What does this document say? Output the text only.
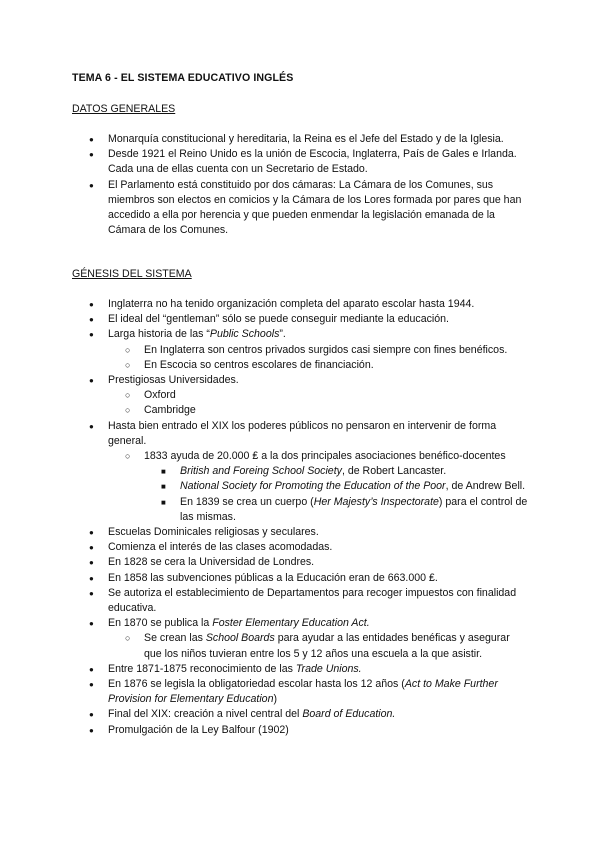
TEMA 6 - EL SISTEMA EDUCATIVO INGLÉS
DATOS GENERALES
● Monarquía constitucional y hereditaria, la Reina es el Jefe del Estado y de la Iglesia.
● Desde 1921 el Reino Unido es la unión de Escocia, Inglaterra, País de Gales e Irlanda. Cada una de ellas cuenta con un Secretario de Estado.
● El Parlamento está constituido por dos cámaras: La Cámara de los Comunes, sus miembros son electos en comicios y la Cámara de los Lores formada por pares que han accedido a ella por herencia y que pueden enmendar la legislación emanada de la Cámara de los Comunes.
GÉNESIS DEL SISTEMA
● Inglaterra no ha tenido organización completa del aparato escolar hasta 1944.
● El ideal del “gentleman” sólo se puede conseguir mediante la educación.
● Larga historia de las “Public Schools”.
○ En Inglaterra son centros privados surgidos casi siempre con fines benéficos.
○ En Escocia so centros escolares de financiación.
● Prestigiosas Universidades.
○ Oxford
○ Cambridge
● Hasta bien entrado el XIX los poderes públicos no pensaron en intervenir de forma general.
○ 1833 ayuda de 20.000 ₤ a la dos principales asociaciones benéfico-docentes
■ British and Foreing School Society, de Robert Lancaster.
■ National Society for Promoting the Education of the Poor, de Andrew Bell.
■ En 1839 se crea un cuerpo (Her Majesty’s Inspectorate) para el control de las mismas.
● Escuelas Dominicales religiosas y seculares.
● Comienza el interés de las clases acomodadas.
● En 1828 se cera la Universidad de Londres.
● En 1858 las subvenciones públicas a la Educación eran de 663.000 ₤.
● Se autoriza el establecimiento de Departamentos para recoger impuestos con finalidad educativa.
● En 1870 se publica la Foster Elementary Education Act.
○ Se crean las School Boards para ayudar a las entidades benéficas y asegurar que los niños tuvieran entre los 5 y 12 años una escuela a la que asistir.
● Entre 1871-1875 reconocimiento de las Trade Unions.
● En 1876 se legisla la obligatoriedad escolar hasta los 12 años (Act to Make Further Provision for Elementary Education)
● Final del XIX: creación a nivel central del Board of Education.
● Promulgación de la Ley Balfour (1902)
